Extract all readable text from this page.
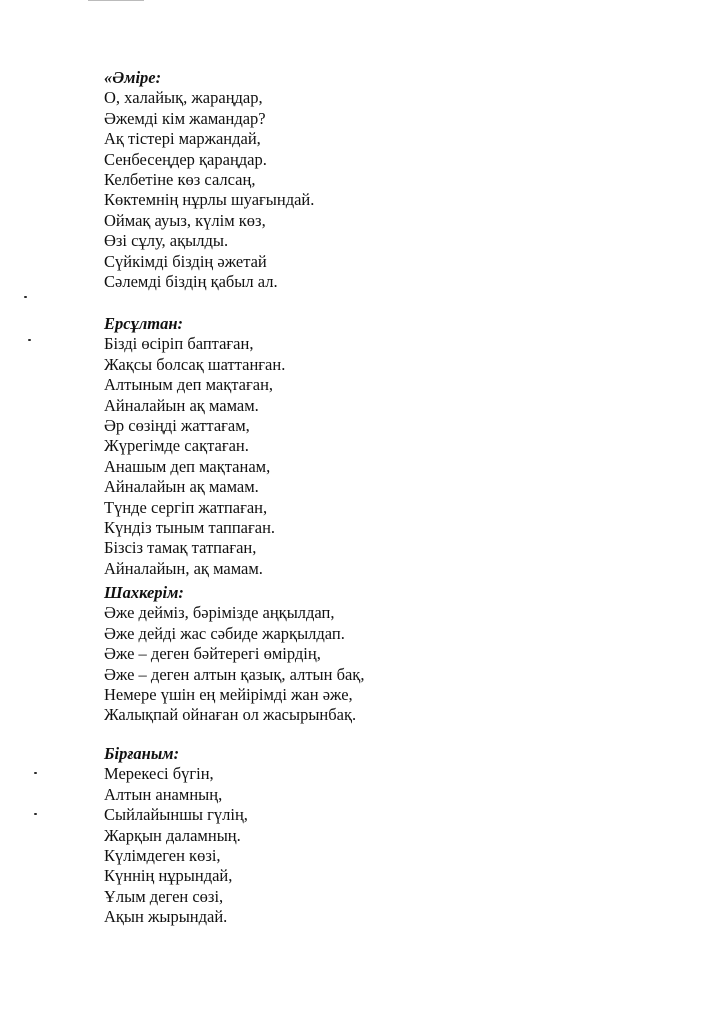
«Әміре:
О, халайық, жараңдар,
Әжемді кім жамандар?
Ақ тістері маржандай,
Сенбесеңдер қараңдар.
Келбетіне көз салсаң,
Көктемнің нұрлы шуағындай.
Оймақ ауыз, күлім көз,
Өзі сұлу, ақылды.
Сүйкімді біздің әжетай
Сәлемді біздің қабыл ал.
Ерсұлтан:
Бізді өсіріп баптаған,
Жақсы болсақ шаттанған.
Алтыным деп мақтаған,
Айналайын ақ мамам.
Әр сөзіңді жаттағам,
Жүрегімде сақтаған.
Анашым деп мақтанам,
Айналайын ақ мамам.
Түнде сергіп жатпаған,
Күндіз тыным таппаған.
Бізсіз тамақ татпаған,
Айналайын, ақ мамам.
Шахкерім:
Әже дейміз, бәрімізде аңқылдап,
Әже дейді жас сәбиде жарқылдап.
Әже – деген бәйтерегі өмірдің,
Әже – деген алтын қазық, алтын бақ,
Немере үшін ең мейірімді жан әже,
Жалықпай ойнаған ол жасырынбақ.
Бірғаным:
Мерекесі бүгін,
Алтын анамның,
Сыйлайыншы гүлің,
Жарқын даламның.
Күлімдеген көзі,
Күннің нұрындай,
Ұлым деген сөзі,
Ақын жырындай.
